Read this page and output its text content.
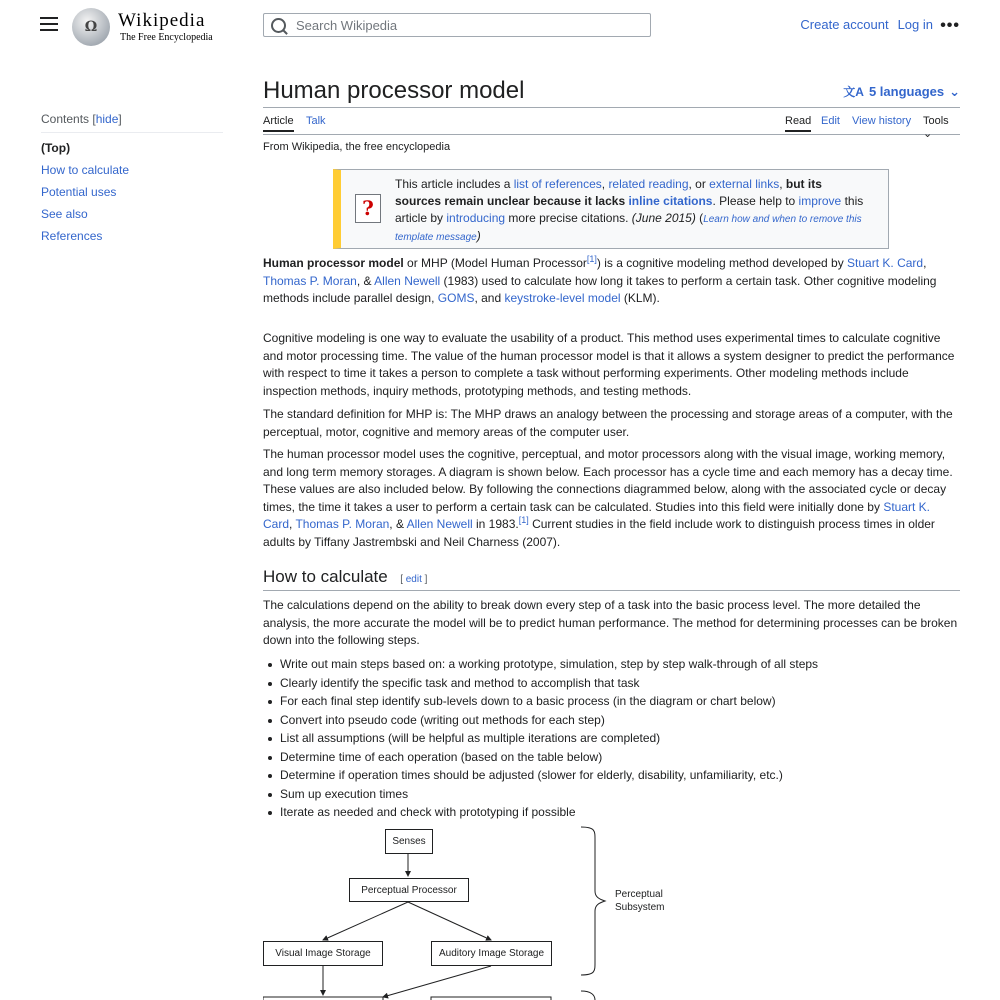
Ω	Wikipedia
The Free Encyclopedia
Search Wikipedia
Create account Log in •••
Contents [hide]
(Top)
How to calculate
Potential uses
See also
References
Human processor model	文A 5 languages ⌄
Article Talk	Read Edit View history Tools ⌄
From Wikipedia, the free encyclopedia
?
This article includes a list of references, related reading, or external links, but its sources remain unclear because it lacks inline citations. Please help to improve this article by introducing more precise citations. (June 2015) (Learn how and when to remove this template message)

Human processor model or MHP (Model Human Processor[1]) is a cognitive modeling method developed by Stuart K. Card, Thomas P. Moran, & Allen Newell (1983) used to calculate how long it takes to perform a certain task. Other cognitive modeling methods include parallel design, GOMS, and keystroke-level model (KLM).

Cognitive modeling is one way to evaluate the usability of a product. This method uses experimental times to calculate cognitive and motor processing time. The value of the human processor model is that it allows a system designer to predict the performance with respect to time it takes a person to complete a task without performing experiments. Other modeling methods include inspection methods, inquiry methods, prototyping methods, and testing methods.

The standard definition for MHP is: The MHP draws an analogy between the processing and storage areas of a computer, with the perceptual, motor, cognitive and memory areas of the computer user.

The human processor model uses the cognitive, perceptual, and motor processors along with the visual image, working memory, and long term memory storages. A diagram is shown below. Each processor has a cycle time and each memory has a decay time. These values are also included below. By following the connections diagrammed below, along with the associated cycle or decay times, the time it takes a user to perform a certain task can be calculated. Studies into this field were initially done by Stuart K. Card, Thomas P. Moran, & Allen Newell in 1983.[1] Current studies in the field include work to distinguish process times in older adults by Tiffany Jastrembski and Neil Charness (2007).

How to calculate [ edit ]

The calculations depend on the ability to break down every step of a task into the basic process level. The more detailed the analysis, the more accurate the model will be to predict human performance. The method for determining processes can be broken down into the following steps.

Write out main steps based on: a working prototype, simulation, step by step walk-through of all steps
Clearly identify the specific task and method to accomplish that task
For each final step identify sub-levels down to a basic process (in the diagram or chart below)
Convert into pseudo code (writing out methods for each step)
List all assumptions (will be helpful as multiple iterations are completed)
Determine time of each operation (based on the table below)
Determine if operation times should be adjusted (slower for elderly, disability, unfamiliarity, etc.)
Sum up execution times
Iterate as needed and check with prototyping if possible
Senses
Perceptual Processor
Visual Image Storage	Auditory Image Storage
Perceptual
Subsystem
